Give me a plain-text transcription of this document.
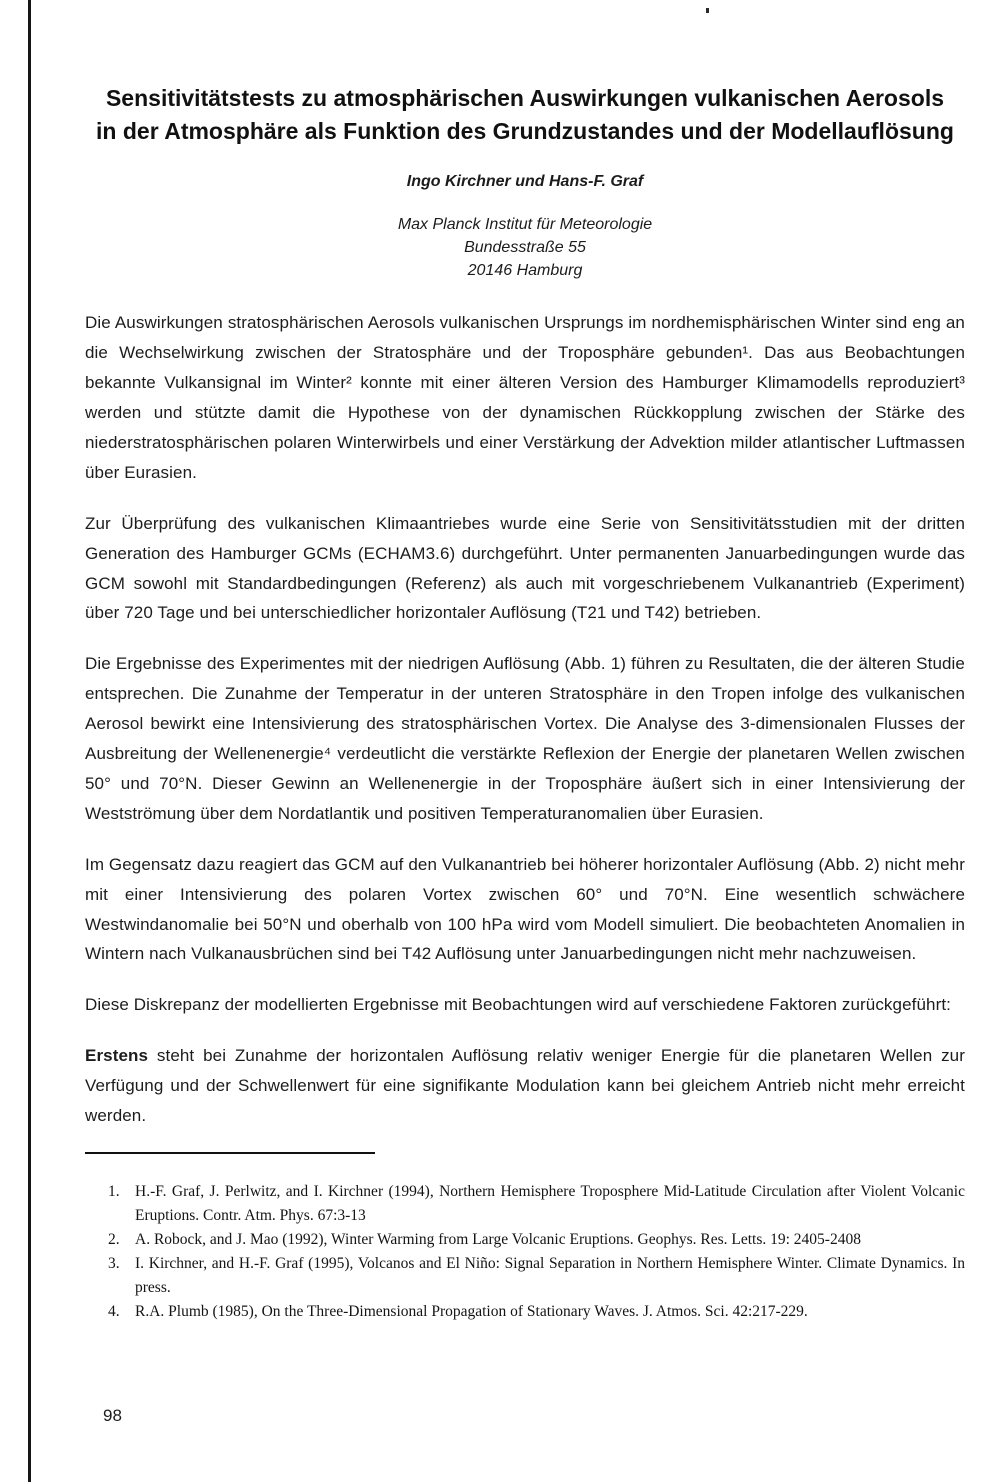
Sensitivitätstests zu atmosphärischen Auswirkungen vulkanischen Aerosols in der Atmosphäre als Funktion des Grundzustandes und der Modellauflösung
Ingo Kirchner und Hans-F. Graf
Max Planck Institut für Meteorologie
Bundesstraße 55
20146 Hamburg

Die Auswirkungen stratosphärischen Aerosols vulkanischen Ursprungs im nordhemisphärischen Winter sind eng an die Wechselwirkung zwischen der Stratosphäre und der Troposphäre gebunden¹. Das aus Beobachtungen bekannte Vulkansignal im Winter² konnte mit einer älteren Version des Hamburger Klimamodells reproduziert³ werden und stützte damit die Hypothese von der dynamischen Rückkopplung zwischen der Stärke des niederstratosphärischen polaren Winterwirbels und einer Verstärkung der Advektion milder atlantischer Luftmassen über Eurasien.

Zur Überprüfung des vulkanischen Klimaantriebes wurde eine Serie von Sensitivitätsstudien mit der dritten Generation des Hamburger GCMs (ECHAM3.6) durchgeführt. Unter permanenten Januarbedingungen wurde das GCM sowohl mit Standardbedingungen (Referenz) als auch mit vorgeschriebenem Vulkanantrieb (Experiment) über 720 Tage und bei unterschiedlicher horizontaler Auflösung (T21 und T42) betrieben.

Die Ergebnisse des Experimentes mit der niedrigen Auflösung (Abb. 1) führen zu Resultaten, die der älteren Studie entsprechen. Die Zunahme der Temperatur in der unteren Stratosphäre in den Tropen infolge des vulkanischen Aerosol bewirkt eine Intensivierung des stratosphärischen Vortex. Die Analyse des 3-dimensionalen Flusses der Ausbreitung der Wellenenergie⁴ verdeutlicht die verstärkte Reflexion der Energie der planetaren Wellen zwischen 50° und 70°N. Dieser Gewinn an Wellenenergie in der Troposphäre äußert sich in einer Intensivierung der Westströmung über dem Nordatlantik und positiven Temperaturanomalien über Eurasien.

Im Gegensatz dazu reagiert das GCM auf den Vulkanantrieb bei höherer horizontaler Auflösung (Abb. 2) nicht mehr mit einer Intensivierung des polaren Vortex zwischen 60° und 70°N. Eine wesentlich schwächere Westwindanomalie bei 50°N und oberhalb von 100 hPa wird vom Modell simuliert. Die beobachteten Anomalien in Wintern nach Vulkanausbrüchen sind bei T42 Auflösung unter Januarbedingungen nicht mehr nachzuweisen.

Diese Diskrepanz der modellierten Ergebnisse mit Beobachtungen wird auf verschiedene Faktoren zurückgeführt:

Erstens steht bei Zunahme der horizontalen Auflösung relativ weniger Energie für die planetaren Wellen zur Verfügung und der Schwellenwert für eine signifikante Modulation kann bei gleichem Antrieb nicht mehr erreicht werden.

1. H.-F. Graf, J. Perlwitz, and I. Kirchner (1994), Northern Hemisphere Troposphere Mid-Latitude Circulation after Violent Volcanic Eruptions. Contr. Atm. Phys. 67:3-13
2. A. Robock, and J. Mao (1992), Winter Warming from Large Volcanic Eruptions. Geophys. Res. Letts. 19: 2405-2408
3. I. Kirchner, and H.-F. Graf (1995), Volcanos and El Niño: Signal Separation in Northern Hemisphere Winter. Climate Dynamics. In press.
4. R.A. Plumb (1985), On the Three-Dimensional Propagation of Stationary Waves. J. Atmos. Sci. 42:217-229.
98
